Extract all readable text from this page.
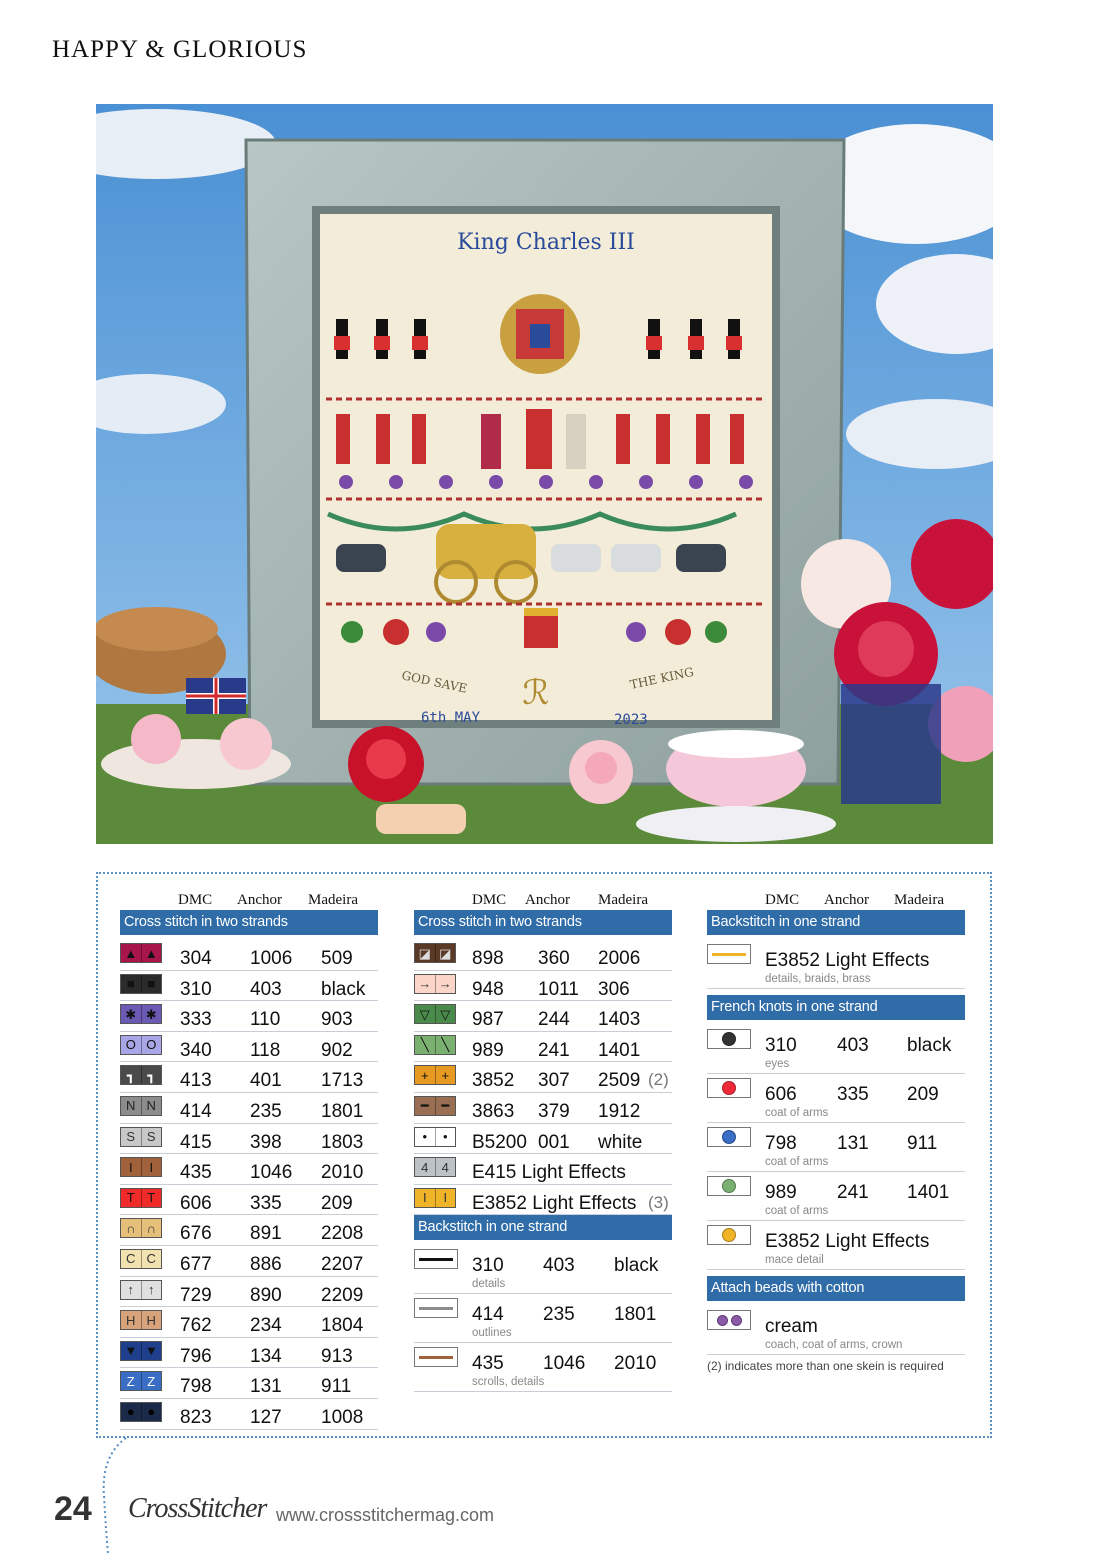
HAPPY & GLORIOUS
King Charles III
GOD SAVE	THE KING
ℛ
6th MAY	2023
DMC Anchor Madeira
Cross stitch in two strands
▲ ▲ 304 1006 509
■ ■	310 403 black
✱ ✱ 333 110 903
O O 340 118 902
┓ ┓	413 401 1713
N N 414 235 1801
S S 415 398 1803
I	I	435 1046 2010
T T	606 335 209
∩ ∩ 676 891 2208
C C 677 886 2207
↑	↑	729 890 2209
H H 762 234 1804
▼ ▼ 796 134 913
Z Z	798 131 911
● ●	823 127 1008
DMC Anchor Madeira
Cross stitch in two strands
◪ ◪ 898 360 2006
→ → 948 1011 306
▽ ▽ 987 244 1403
╲ ╲	989 241 1401
+ +	3852 307 2509 (2)
━ ━	3863 379 1912
•	•	B5200 001 white
4	4	E415 Light Effects
I	I	E3852 Light Effects (3)
Backstitch in one strand
310 403 black
details
414 235 1801
outlines
435 1046 2010
scrolls, details
DMC Anchor Madeira
Backstitch in one strand
E3852 Light Effects
details, braids, brass
French knots in one strand
310 403 black
eyes
606 335 209
coat of arms
798 131 911
coat of arms
989 241 1401
coat of arms
E3852 Light Effects
mace detail
Attach beads with cotton
cream
coach, coat of arms, crown
(2) indicates more than one skein is required
24 CrossStitcher www.crossstitchermag.com
